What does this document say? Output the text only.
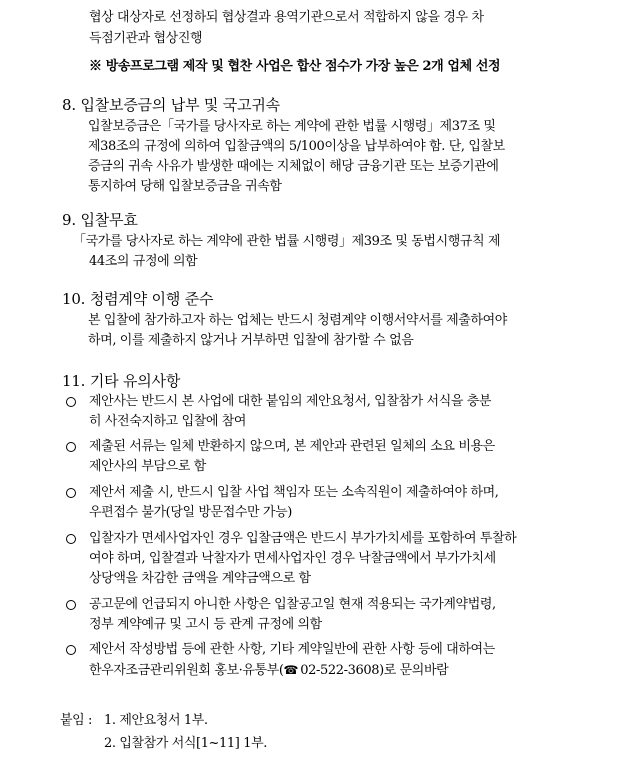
협상 대상자로 선정하되 협상결과 용역기관으로서 적합하지 않을 경우 차
득점기관과 협상진행
※ 방송프로그램 제작 및 협찬 사업은 합산 점수가 가장 높은 2개 업체 선정
8. 입찰보증금의 납부 및 국고귀속
입찰보증금은「국가를 당사자로 하는 계약에 관한 법률 시행령」제37조 및
제38조의 규정에 의하여 입찰금액의 5/100이상을 납부하여야 함. 단, 입찰보
증금의 귀속 사유가 발생한 때에는 지체없이 해당 금융기관 또는 보증기관에
통지하여 당해 입찰보증금을 귀속함
9. 입찰무효
「국가를 당사자로 하는 계약에 관한 법률 시행령」제39조 및 동법시행규칙 제
44조의 규정에 의함
10. 청렴계약 이행 준수
본 입찰에 참가하고자 하는 업체는 반드시 청렴계약 이행서약서를 제출하여야
하며, 이를 제출하지 않거나 거부하면 입찰에 참가할 수 없음
11. 기타 유의사항
제안사는 반드시 본 사업에 대한 붙임의 제안요청서, 입찰참가 서식을 충분
히 사전숙지하고 입찰에 참여
제출된 서류는 일체 반환하지 않으며, 본 제안과 관련된 일체의 소요 비용은
제안사의 부담으로 함
제안서 제출 시, 반드시 입찰 사업 책임자 또는 소속직원이 제출하여야 하며,
우편접수 불가(당일 방문접수만 가능)
입찰자가 면세사업자인 경우 입찰금액은 반드시 부가가치세를 포함하여 투찰하
여야 하며, 입찰결과 낙찰자가 면세사업자인 경우 낙찰금액에서 부가가치세
상당액을 차감한 금액을 계약금액으로 함
공고문에 언급되지 아니한 사항은 입찰공고일 현재 적용되는 국가계약법령,
정부 계약예규 및 고시 등 관계 규정에 의함
제안서 작성방법 등에 관한 사항, 기타 계약일반에 관한 사항 등에 대하여는
한우자조금관리위원회 홍보·유통부(☎ 02-522-3608)로 문의바람
붙임 : 1. 제안요청서 1부.
2. 입찰참가 서식[1~11] 1부.
